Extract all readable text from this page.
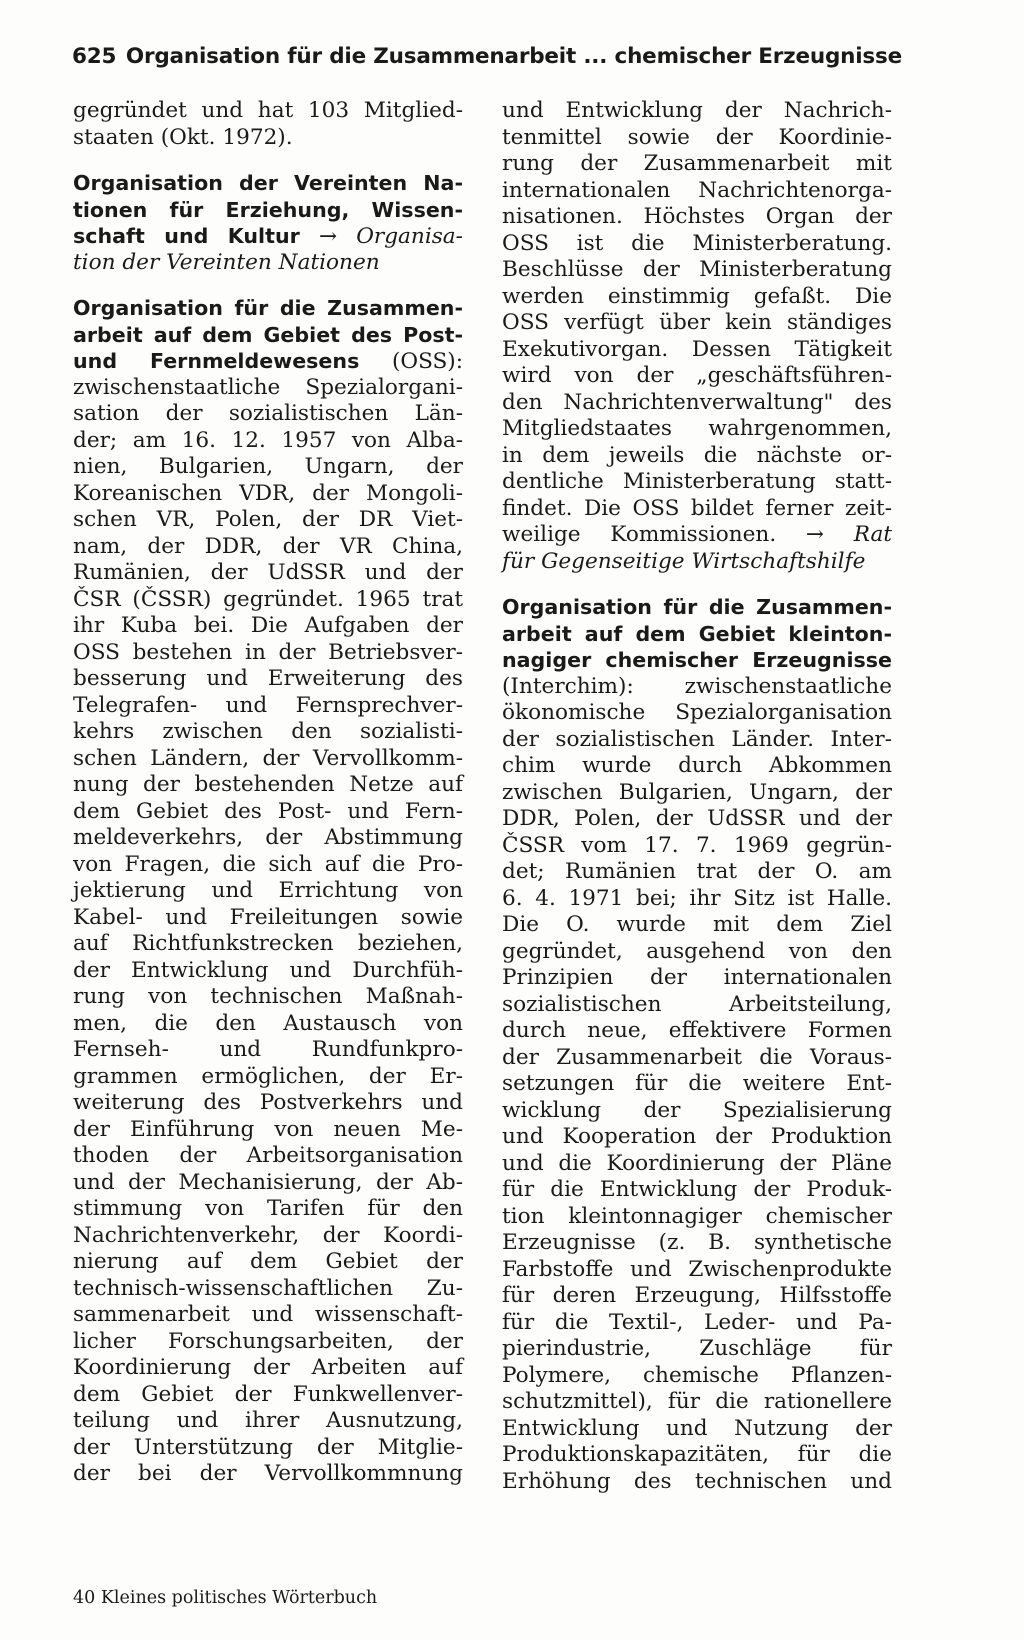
625 Organisation für die Zusammenarbeit ... chemischer Erzeugnisse
gegründet und hat 103 Mitglied-
staaten (Okt. 1972).
Organisation der Vereinten Na-
tionen für Erziehung, Wissen-
schaft und Kultur → Organisa-
tion der Vereinten Nationen
Organisation für die Zusammen-
arbeit auf dem Gebiet des Post-
und Fernmeldewesens (OSS):
zwischenstaatliche Spezialorgani-
sation der sozialistischen Län-
der; am 16. 12. 1957 von Alba-
nien, Bulgarien, Ungarn, der
Koreanischen VDR, der Mongoli-
schen VR, Polen, der DR Viet-
nam, der DDR, der VR China,
Rumänien, der UdSSR und der
ČSR (ČSSR) gegründet. 1965 trat
ihr Kuba bei. Die Aufgaben der
OSS bestehen in der Betriebsver-
besserung und Erweiterung des
Telegrafen- und Fernsprechver-
kehrs zwischen den sozialisti-
schen Ländern, der Vervollkomm-
nung der bestehenden Netze auf
dem Gebiet des Post- und Fern-
meldeverkehrs, der Abstimmung
von Fragen, die sich auf die Pro-
jektierung und Errichtung von
Kabel- und Freileitungen sowie
auf Richtfunkstrecken beziehen,
der Entwicklung und Durchfüh-
rung von technischen Maßnah-
men, die den Austausch von
Fernseh- und Rundfunkpro-
grammen ermöglichen, der Er-
weiterung des Postverkehrs und
der Einführung von neuen Me-
thoden der Arbeitsorganisation
und der Mechanisierung, der Ab-
stimmung von Tarifen für den
Nachrichtenverkehr, der Koordi-
nierung auf dem Gebiet der
technisch-wissenschaftlichen Zu-
sammenarbeit und wissenschaft-
licher Forschungsarbeiten, der
Koordinierung der Arbeiten auf
dem Gebiet der Funkwellenver-
teilung und ihrer Ausnutzung,
der Unterstützung der Mitglie-
der bei der Vervollkommnung
und Entwicklung der Nachrich-
tenmittel sowie der Koordinie-
rung der Zusammenarbeit mit
internationalen Nachrichtenorga-
nisationen. Höchstes Organ der
OSS ist die Ministerberatung.
Beschlüsse der Ministerberatung
werden einstimmig gefaßt. Die
OSS verfügt über kein ständiges
Exekutivorgan. Dessen Tätigkeit
wird von der „geschäftsführen-
den Nachrichtenverwaltung" des
Mitgliedstaates wahrgenommen,
in dem jeweils die nächste or-
dentliche Ministerberatung statt-
findet. Die OSS bildet ferner zeit-
weilige Kommissionen. → Rat
für Gegenseitige Wirtschaftshilfe
Organisation für die Zusammen-
arbeit auf dem Gebiet kleinton-
nagiger chemischer Erzeugnisse
(Interchim): zwischenstaatliche
ökonomische Spezialorganisation
der sozialistischen Länder. Inter-
chim wurde durch Abkommen
zwischen Bulgarien, Ungarn, der
DDR, Polen, der UdSSR und der
ČSSR vom 17. 7. 1969 gegrün-
det; Rumänien trat der O. am
6. 4. 1971 bei; ihr Sitz ist Halle.
Die O. wurde mit dem Ziel
gegründet, ausgehend von den
Prinzipien der internationalen
sozialistischen Arbeitsteilung,
durch neue, effektivere Formen
der Zusammenarbeit die Voraus-
setzungen für die weitere Ent-
wicklung der Spezialisierung
und Kooperation der Produktion
und die Koordinierung der Pläne
für die Entwicklung der Produk-
tion kleintonnagiger chemischer
Erzeugnisse (z. B. synthetische
Farbstoffe und Zwischenprodukte
für deren Erzeugung, Hilfsstoffe
für die Textil-, Leder- und Pa-
pierindustrie, Zuschläge für
Polymere, chemische Pflanzen-
schutzmittel), für die rationellere
Entwicklung und Nutzung der
Produktionskapazitäten, für die
Erhöhung des technischen und
40 Kleines politisches Wörterbuch
